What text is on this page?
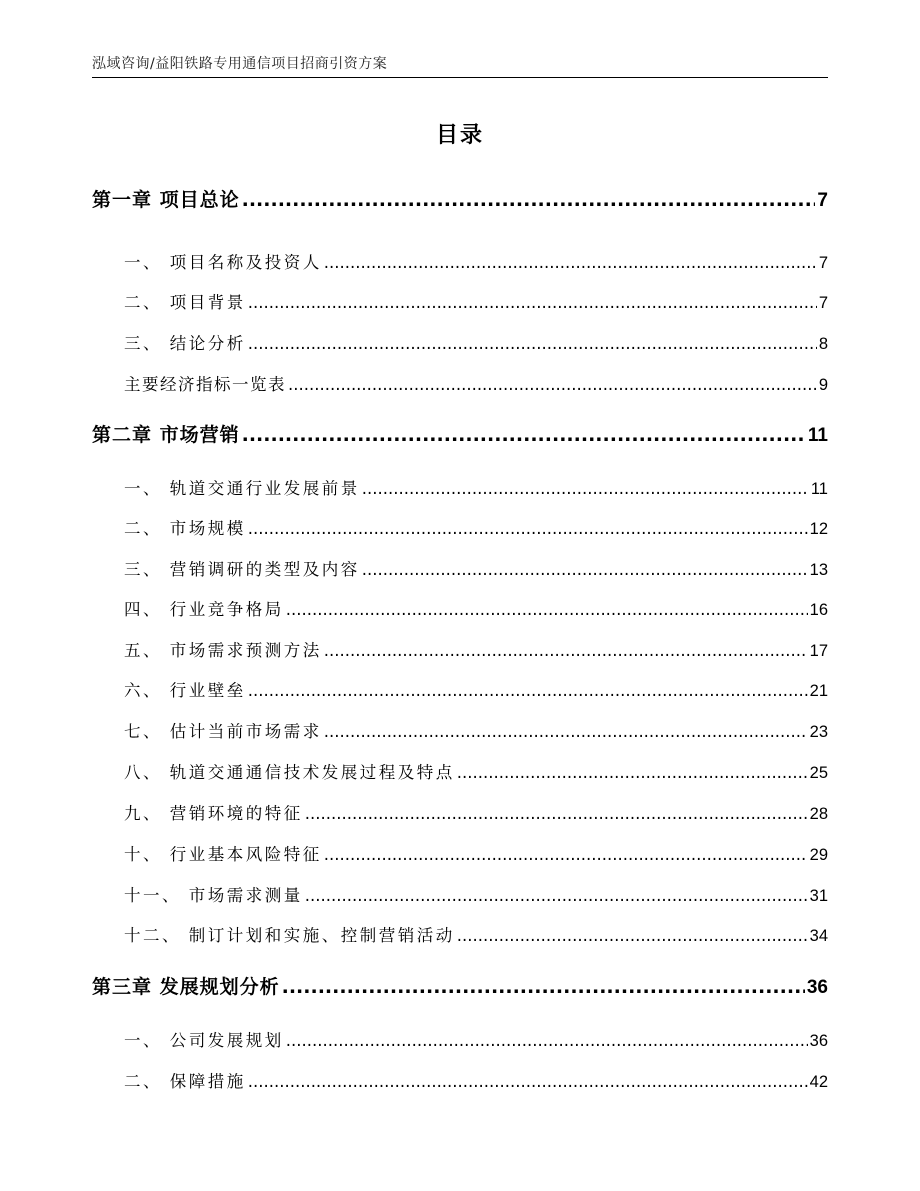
泓域咨询/益阳铁路专用通信项目招商引资方案
目录
第一章 项目总论 .....	7
一、 项目名称及投资人 .....	7
二、 项目背景 .....	7
三、 结论分析 .....	8
主要经济指标一览表 .....	9
第二章 市场营销 .....	11
一、 轨道交通行业发展前景 .....	11
二、 市场规模 .....	12
三、 营销调研的类型及内容 .....	13
四、 行业竞争格局 .....	16
五、 市场需求预测方法 .....	17
六、 行业壁垒 .....	21
七、 估计当前市场需求 .....	23
八、 轨道交通通信技术发展过程及特点 .....	25
九、 营销环境的特征 .....	28
十、 行业基本风险特征 .....	29
十一、 市场需求测量 .....	31
十二、 制订计划和实施、控制营销活动 .....	34
第三章 发展规划分析 .....	36
一、 公司发展规划 .....	36
二、 保障措施 .....	42
